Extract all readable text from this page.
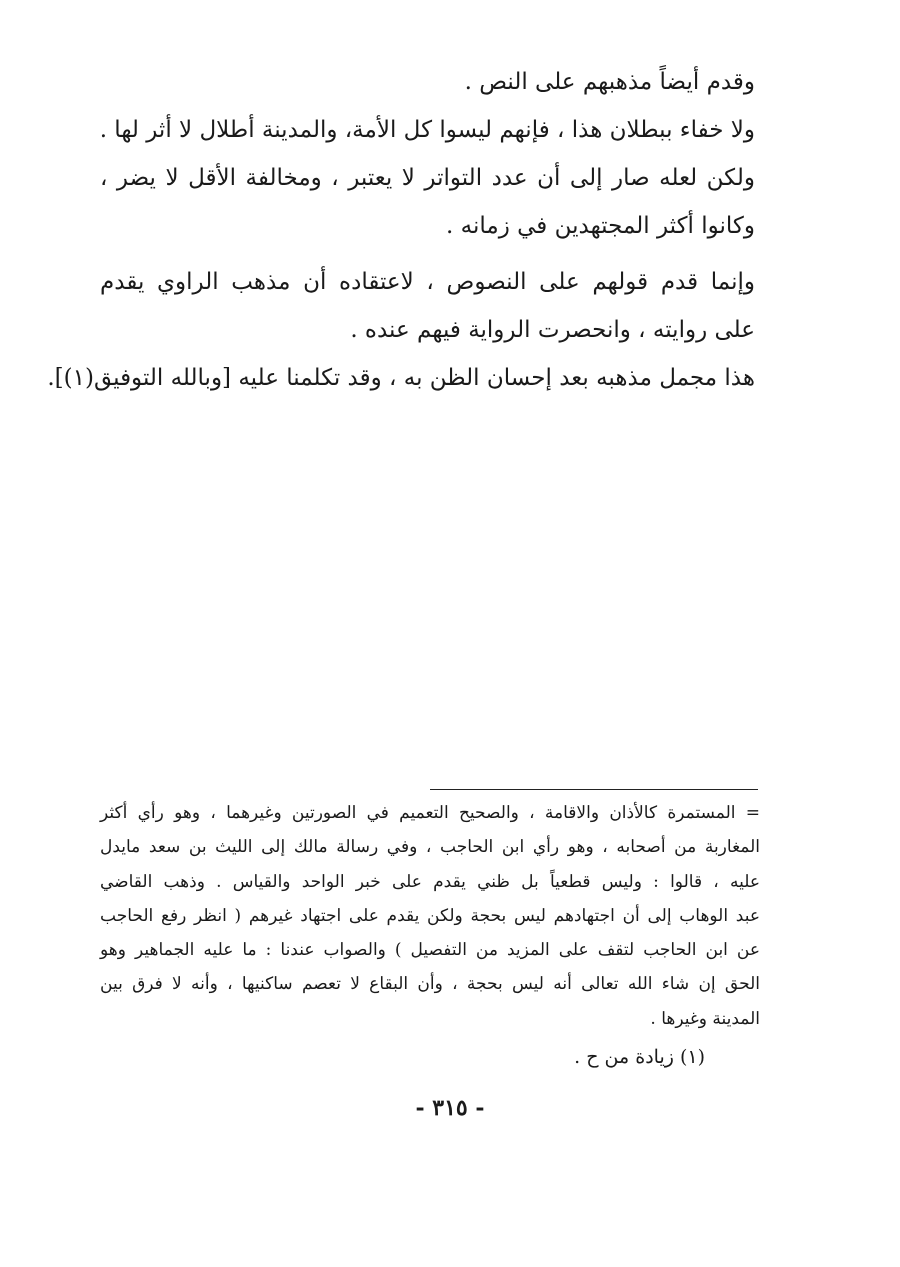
وقدم أيضاً مذهبهم على النص .
ولا خفاء ببطلان هذا ، فإنهم ليسوا كل الأمة، والمدينة أطلال لا أثر لها .
ولكن لعله صار إلى أن عدد التواتر لا يعتبر ، ومخالفة الأقل لا يضر ،
وكانوا أكثر المجتهدين في زمانه .
وإنما قدم قولهم على النصوص ، لاعتقاده أن مذهب الراوي يقدم
على روايته ، وانحصرت الرواية فيهم عنده .
هذا مجمل مذهبه بعد إحسان الظن به ، وقد تكلمنا عليه [وبالله التوفيق(١)].
= المستمرة كالأذان والاقامة ، والصحيح التعميم في الصورتين وغيرهما ، وهو رأي أكثر
المغاربة من أصحابه ، وهو رأي ابن الحاجب ، وفي رسالة مالك إلى الليث بن سعد مايدل
عليه ، قالوا : وليس قطعياً بل ظني يقدم على خبر الواحد والقياس . وذهب القاضي
عبد الوهاب إلى أن اجتهادهم ليس بحجة ولكن يقدم على اجتهاد غيرهم ( انظر رفع الحاجب
عن ابن الحاجب لتقف على المزيد من التفصيل ) والصواب عندنا : ما عليه الجماهير وهو
الحق إن شاء الله تعالى أنه ليس بحجة ، وأن البقاع لا تعصم ساكنيها ، وأنه لا فرق بين
المدينة وغيرها .
(١) زيادة من ح .
- ٣١٥ -
